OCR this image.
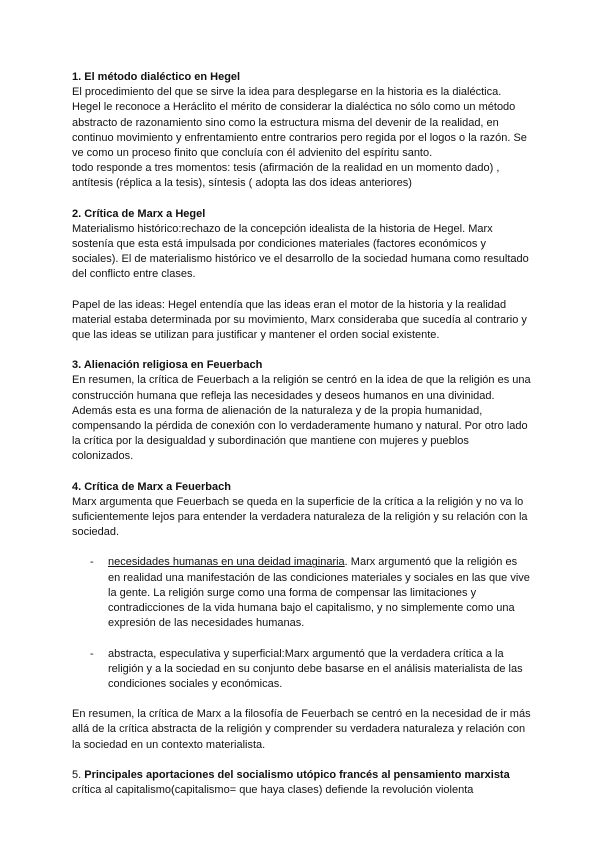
1. El método dialéctico en Hegel

El procedimiento del que se sirve la idea para desplegarse en la historia es la dialéctica. Hegel le reconoce a Heráclito el mérito de considerar la dialéctica no sólo como un método abstracto de razonamiento sino como la estructura misma del devenir de la realidad, en continuo movimiento y enfrentamiento entre contrarios pero regida por el logos o la razón. Se ve como un proceso finito que concluía con él advienito del espíritu santo.

todo responde a tres momentos: tesis (afirmación de la realidad en un momento dado) , antítesis (réplica a la tesis), síntesis ( adopta las dos ideas anteriores)

2. Crítica de Marx a Hegel

Materialismo histórico:rechazo de la concepción idealista de la historia de Hegel. Marx sostenía que esta está impulsada por condiciones materiales (factores económicos y sociales). El de materialismo histórico ve el desarrollo de la sociedad humana como resultado del conflicto entre clases.

Papel de las ideas: Hegel entendía que las ideas eran el motor de la historia y la realidad material estaba determinada por su movimiento, Marx consideraba que sucedía al contrario y que las ideas se utilizan para justificar y mantener el orden social existente.

3. Alienación religiosa en Feuerbach

En resumen, la crítica de Feuerbach a la religión se centró en la idea de que la religión es una construcción humana que refleja las necesidades y deseos humanos en una divinidad. Además esta es una forma de alienación de la naturaleza y de la propia humanidad, compensando la pérdida de conexión con lo verdaderamente humano y natural. Por otro lado la crítica por la desigualdad y subordinación que mantiene con mujeres y pueblos colonizados.

4. Crítica de Marx a Feuerbach

Marx argumenta que Feuerbach se queda en la superficie de la crítica a la religión y no va lo suficientemente lejos para entender la verdadera naturaleza de la religión y su relación con la sociedad.

- necesidades humanas en una deidad imaginaria. Marx argumentó que la religión es en realidad una manifestación de las condiciones materiales y sociales en las que vive la gente. La religión surge como una forma de compensar las limitaciones y contradicciones de la vida humana bajo el capitalismo, y no simplemente como una expresión de las necesidades humanas.
- abstracta, especulativa y superficial:Marx argumentó que la verdadera crítica a la religión y a la sociedad en su conjunto debe basarse en el análisis materialista de las condiciones sociales y económicas.

En resumen, la crítica de Marx a la filosofía de Feuerbach se centró en la necesidad de ir más allá de la crítica abstracta de la religión y comprender su verdadera naturaleza y relación con la sociedad en un contexto materialista.

5. Principales aportaciones del socialismo utópico francés al pensamiento marxista

crítica al capitalismo(capitalismo= que haya clases) defiende la revolución violenta
